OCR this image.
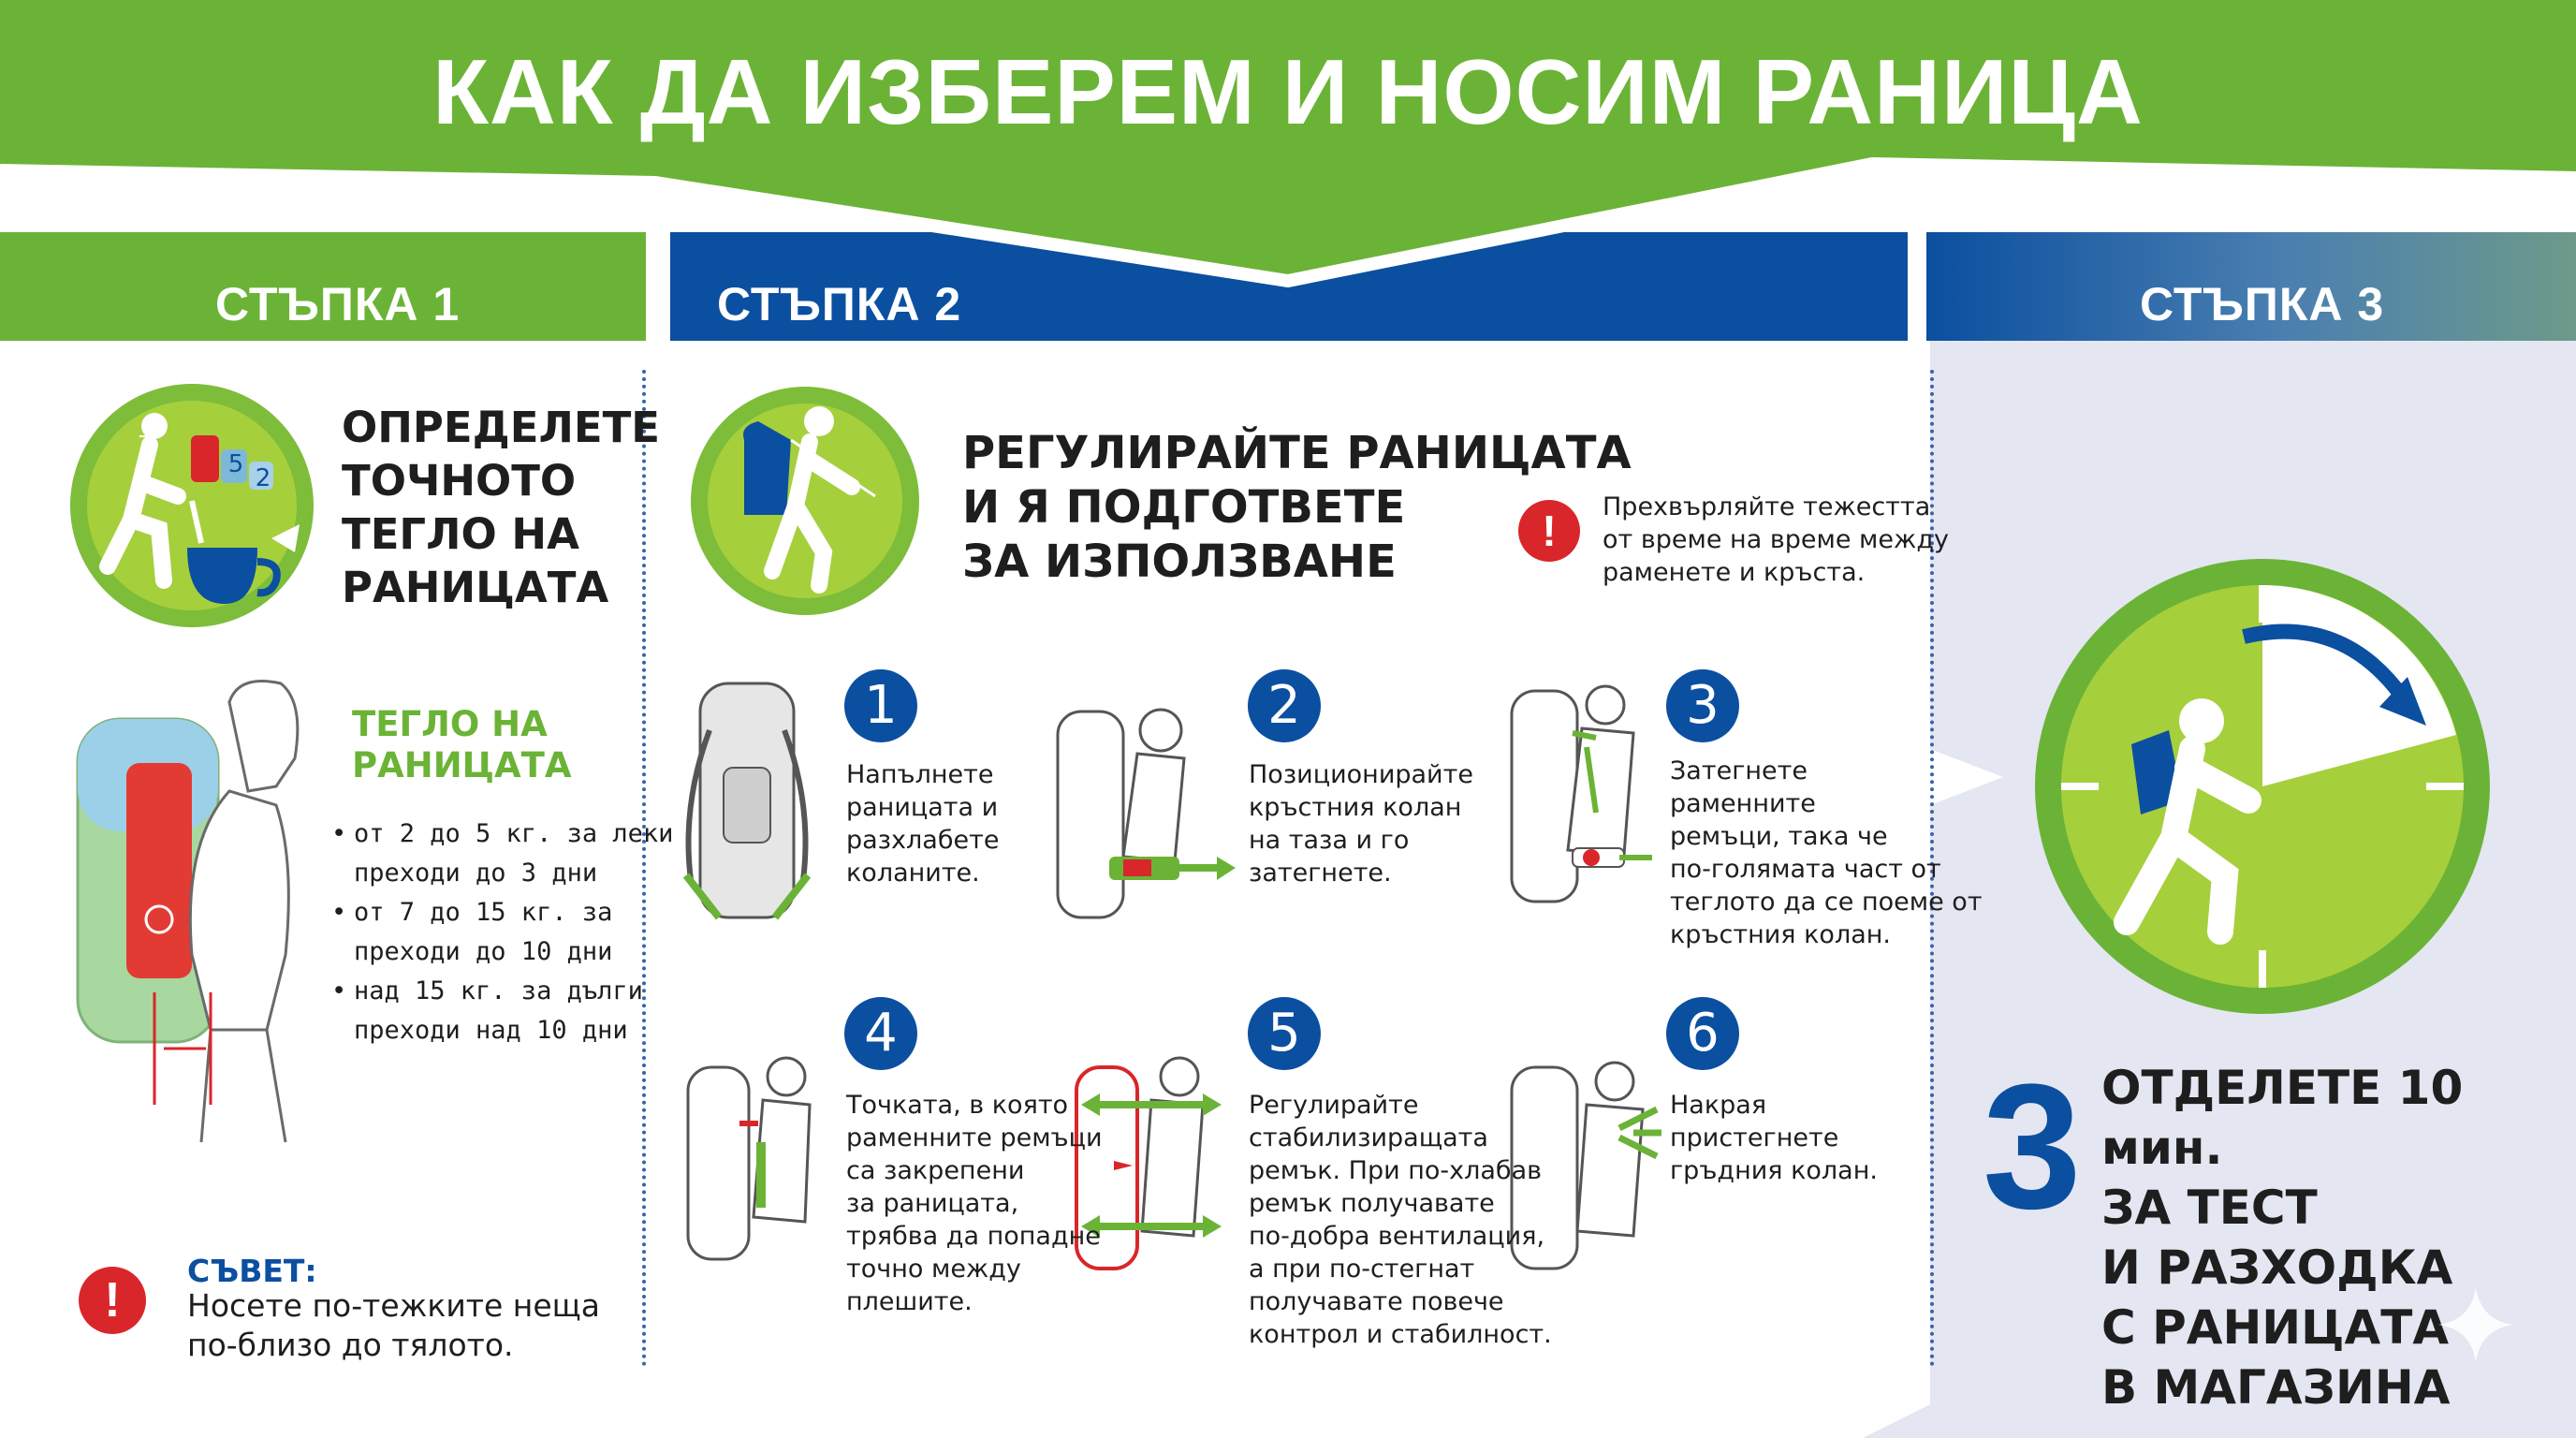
КАК ДА ИЗБЕРЕМ И НОСИМ РАНИЦА
СТЪПКА 1	СТЪПКА 2	СТЪПКА 3
7
5 2
ОПРЕДЕЛЕТЕ
ТОЧНОТО
ТЕГЛО НА
РАНИЦАТА
ТЕГЛО НА
РАНИЦАТА
• от 2 до 5 кг. за леки
преходи до 3 дни
• от 7 до 15 кг. за
преходи до 10 дни
• над 15 кг. за дълги
преходи над 10 дни
!
СЪВЕТ:
Носете по-тежките неща
по-близо до тялото.
РЕГУЛИРАЙТЕ РАНИЦАТА
И Я ПОДГОТВЕТЕ
ЗА ИЗПОЛЗВАНЕ
!	Прехвърляйте тежестта
от време на време между
раменете и кръста.
1
Напълнете
раницата и
разхлабете
коланите.
2
Позиционирайте
кръстния колан
на таза и го
затегнете.
3
Затегнете
раменните
ремъци, така че
по-голямата част от
теглото да се поеме от
кръстния колан.
4
Точката, в която
раменните ремъци
са закрепени
за раницата,
трябва да попадне
точно между
плешите.
5
Регулирайте
стабилизиращата
ремък. При по-хлабав
ремък получавате
по-добра вентилация,
а при по-стегнат
получавате повече
контрол и стабилност.
6
Накрая
пристегнете
гръдния колан. 3 ОТДЕЛЕТЕ 10 мин.
ЗА ТЕСТ
И РАЗХОДКА
С РАНИЦАТА
В МАГАЗИНА
